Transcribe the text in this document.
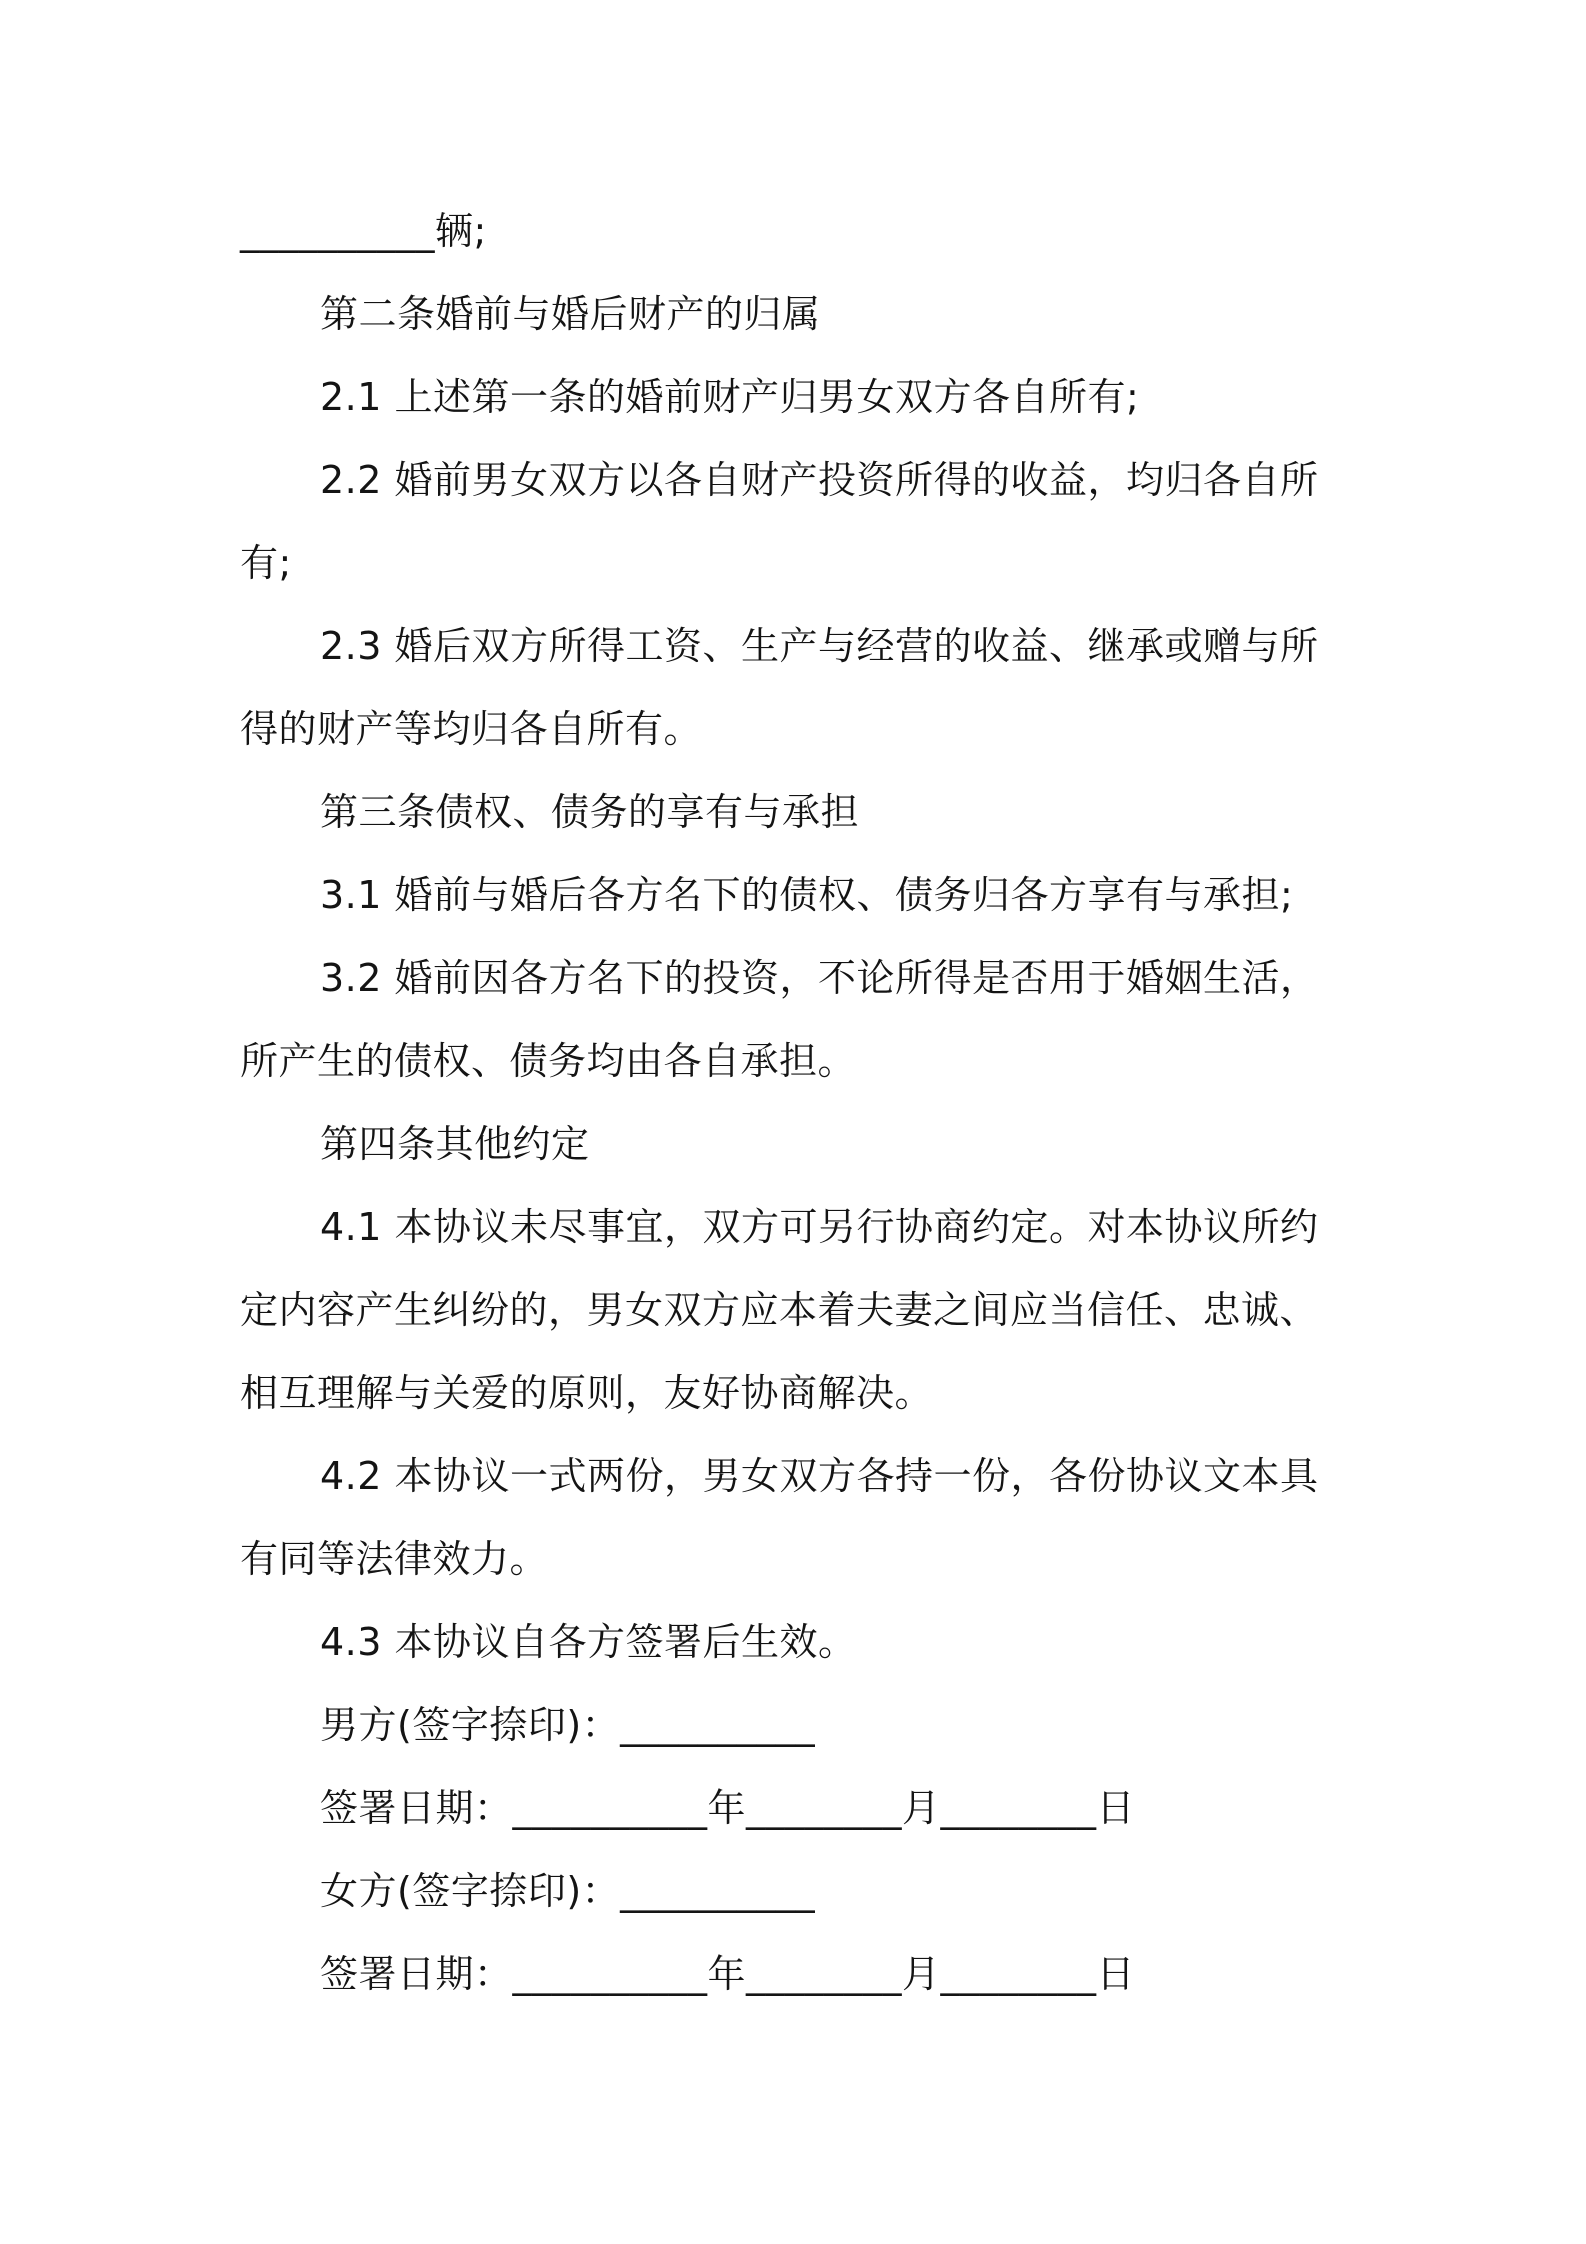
__________辆;
第二条婚前与婚后财产的归属
2.1 上述第一条的婚前财产归男女双方各自所有;
2.2 婚前男女双方以各自财产投资所得的收益，均归各自所
有;
2.3 婚后双方所得工资、生产与经营的收益、继承或赠与所
得的财产等均归各自所有。
第三条债权、债务的享有与承担
3.1 婚前与婚后各方名下的债权、债务归各方享有与承担;
3.2 婚前因各方名下的投资，不论所得是否用于婚姻生活，
所产生的债权、债务均由各自承担。
第四条其他约定
4.1 本协议未尽事宜，双方可另行协商约定。对本协议所约
定内容产生纠纷的，男女双方应本着夫妻之间应当信任、忠诚、
相互理解与关爱的原则，友好协商解决。
4.2 本协议一式两份，男女双方各持一份，各份协议文本具
有同等法律效力。
4.3 本协议自各方签署后生效。
男方(签字捺印)：__________
签署日期：__________年________月________日
女方(签字捺印)：__________
签署日期：__________年________月________日
